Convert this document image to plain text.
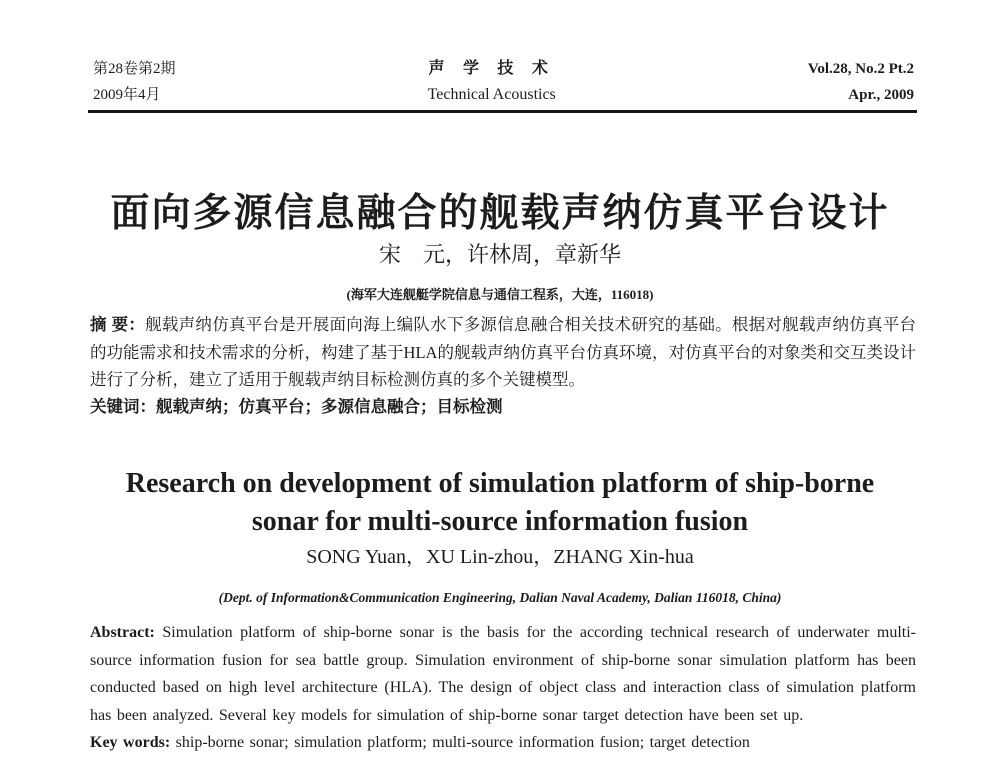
第28卷第2期
2009年4月
声 学 技 术
Technical Acoustics
Vol.28, No.2 Pt.2
Apr., 2009
面向多源信息融合的舰载声纳仿真平台设计
宋　元，许林周，章新华
(海军大连舰艇学院信息与通信工程系，大连，116018)
摘 要：舰载声纳仿真平台是开展面向海上编队水下多源信息融合相关技术研究的基础。根据对舰载声纳仿真平台的功能需求和技术需求的分析，构建了基于HLA的舰载声纳仿真平台仿真环境，对仿真平台的对象类和交互类设计进行了分析，建立了适用于舰载声纳目标检测仿真的多个关键模型。
关键词：舰载声纳；仿真平台；多源信息融合；目标检测
Research on development of simulation platform of ship-borne
sonar for multi-source information fusion
SONG Yuan，XU Lin-zhou，ZHANG Xin-hua
(Dept. of Information&Communication Engineering, Dalian Naval Academy, Dalian 116018, China)
Abstract: Simulation platform of ship-borne sonar is the basis for the according technical research of underwater multi-source information fusion for sea battle group. Simulation environment of ship-borne sonar simulation platform has been conducted based on high level architecture (HLA). The design of object class and interaction class of simulation platform has been analyzed. Several key models for simulation of ship-borne sonar target detection have been set up.
Key words: ship-borne sonar; simulation platform; multi-source information fusion; target detection
